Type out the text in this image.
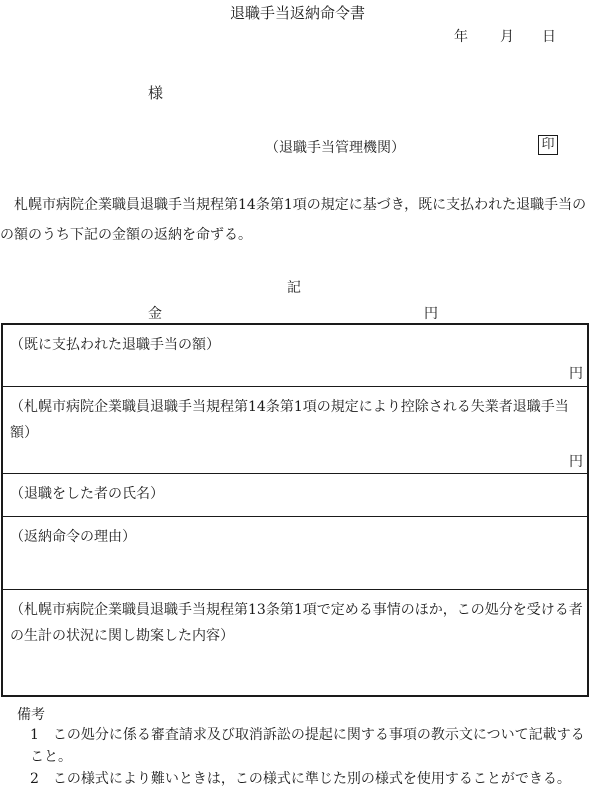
退職手当返納命令書
年 月 日
様
（退職手当管理機関）	印
札幌市病院企業職員退職手当規程第14条第1項の規定に基づき，既に支払われた退職手当の
の額のうち下記の金額の返納を命ずる。
記
金	円
（既に支払われた退職手当の額）
円
（札幌市病院企業職員退職手当規程第14条第1項の規定により控除される失業者退職手当額）
円
（退職をした者の氏名）
（返納命令の理由）
（札幌市病院企業職員退職手当規程第13条第1項で定める事情のほか，この処分を受ける者の生計の状況に関し勘案した内容）
備考
1　この処分に係る審査請求及び取消訴訟の提起に関する事項の教示文について記載すること。
2　この様式により難いときは，この様式に準じた別の様式を使用することができる。
